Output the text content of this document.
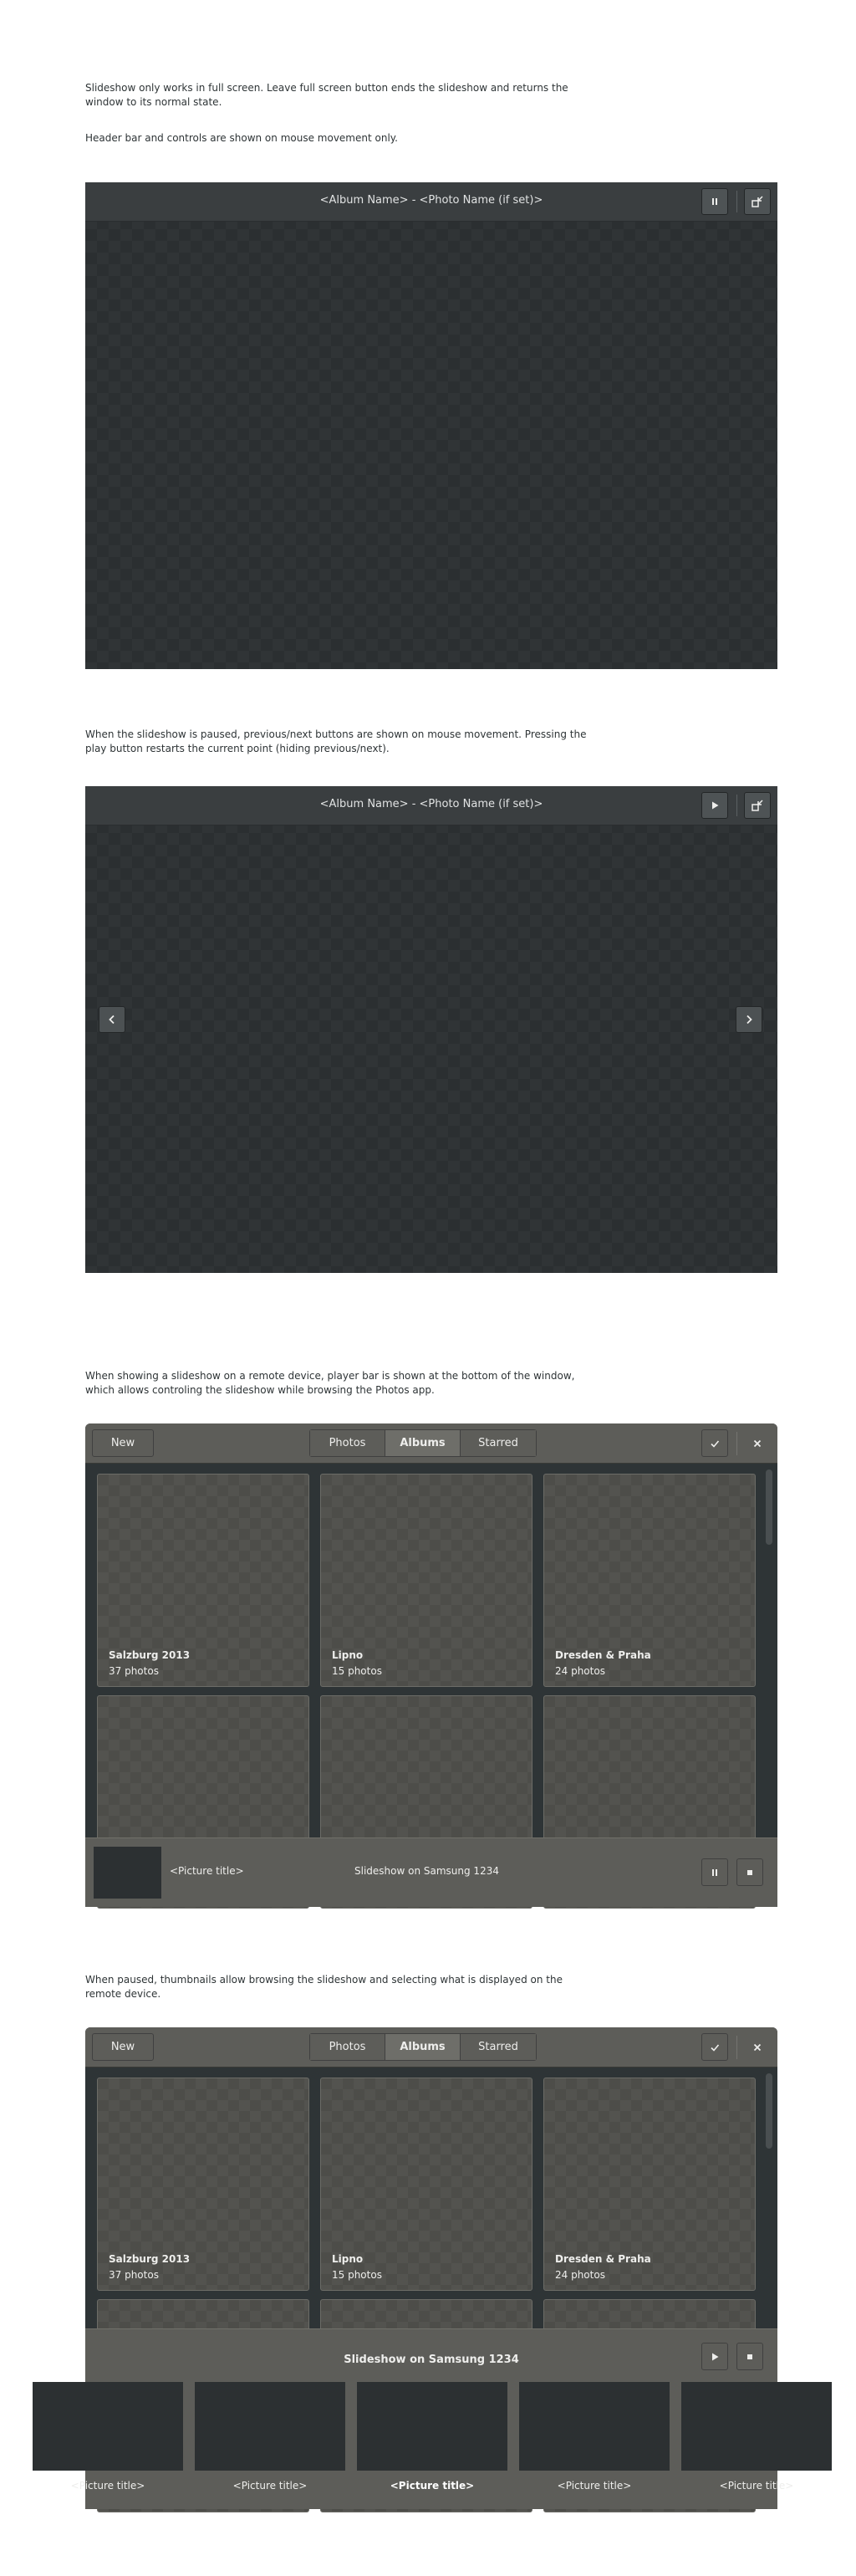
Slideshow only works in full screen. Leave full screen button ends the slideshow and returns the window to its normal state.

Header bar and controls are shown on mouse movement only.

<Album Name> - <Photo Name (if set)>

When the slideshow is paused, previous/next buttons are shown on mouse movement. Pressing the play button restarts the current point (hiding previous/next).

<Album Name> - <Photo Name (if set)>

When showing a slideshow on a remote device, player bar is shown at the bottom of the window, which allows controling the slideshow while browsing the Photos app.

New	Photos	Albums	Starred
Salzburg 2013
37 photos
Lipno
15 photos
Dresden & Praha
24 photos
<Picture title>	Slideshow on Samsung 1234

When paused, thumbnails allow browsing the slideshow and selecting what is displayed on the remote device.

New	Photos	Albums	Starred
Salzburg 2013
37 photos
Lipno
15 photos
Dresden & Praha
24 photos
Slideshow on Samsung 1234
<Picture title>	<Picture title>	<Picture title>	<Picture title>	<Picture title>
